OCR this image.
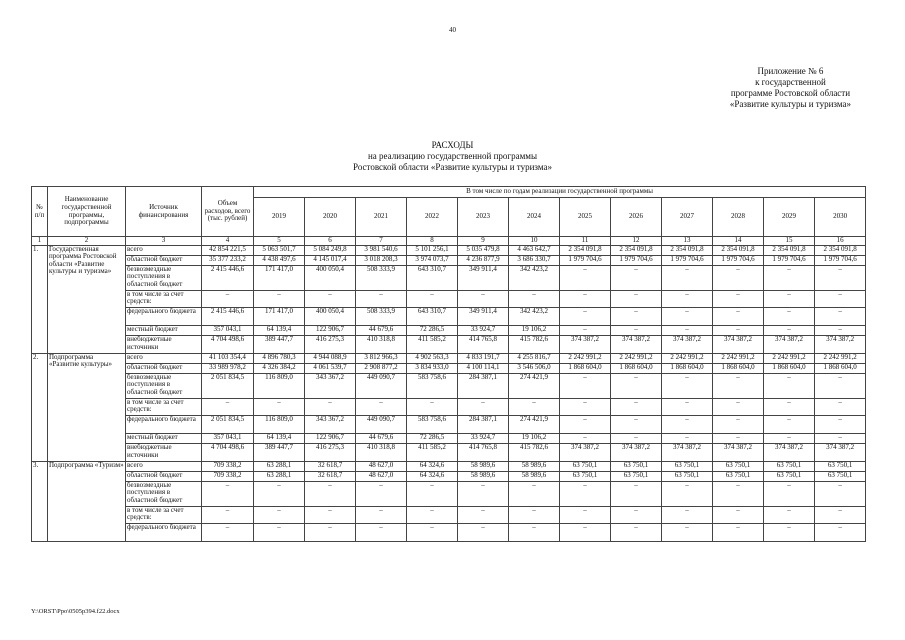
40
Приложение № 6
к государственной
программе Ростовской области
«Развитие культуры и туризма»
РАСХОДЫ
на реализацию государственной программы
Ростовской области «Развитие культуры и туризма»
№ п/п	Наименование государственной программы, подпрограммы	Источник финансирования	Объем расходов, всего (тыс. рублей)	В том числе по годам реализации государственной программы											
				2019	2020	2021	2022	2023	2024	2025	2026	2027	2028	2029	2030
1	2	3	4	5	6	7	8	9	10	11	12	13	14	15	16
1.	Государственная программа Ростовской области «Развитие культуры и туризма»	всего	42 854 221,5	5 063 501,7	5 084 249,8	3 981 540,6	5 101 256,1	5 035 479,8	4 463 642,7	2 354 091,8	2 354 091,8	2 354 091,8	2 354 091,8	2 354 091,8	2 354 091,8
		областной бюджет	35 377 233,2	4 438 497,6	4 145 017,4	3 018 208,3	3 974 073,7	4 236 877,9	3 686 330,7	1 979 704,6	1 979 704,6	1 979 704,6	1 979 704,6	1 979 704,6	1 979 704,6
		безвозмездные поступления в областной бюджет	2 415 446,6	171 417,0	400 050,4	508 333,9	643 310,7	349 911,4	342 423,2	–	–	–	–	–	–
		в том числе за счет средств:	–	–	–	–	–	–	–	–	–	–	–	–	–
		федерального бюджета	2 415 446,6	171 417,0	400 050,4	508 333,9	643 310,7	349 911,4	342 423,2	–	–	–	–	–	–
		местный бюджет	357 043,1	64 139,4	122 906,7	44 679,6	72 286,5	33 924,7	19 106,2	–	–	–	–	–	–
		внебюджетные источники	4 704 498,6	389 447,7	416 275,3	410 318,8	411 585,2	414 765,8	415 782,6	374 387,2	374 387,2	374 387,2	374 387,2	374 387,2	374 387,2
2.	Подпрограмма «Развитие культуры»	всего	41 103 354,4	4 896 780,3	4 944 088,9	3 812 966,3	4 902 563,3	4 833 191,7	4 255 816,7	2 242 991,2	2 242 991,2	2 242 991,2	2 242 991,2	2 242 991,2	2 242 991,2
		областной бюджет	33 989 978,2	4 326 384,2	4 061 539,7	2 908 877,2	3 834 933,0	4 100 114,1	3 546 506,0	1 868 604,0	1 868 604,0	1 868 604,0	1 868 604,0	1 868 604,0	1 868 604,0
		безвозмездные поступления в областной бюджет	2 051 834,5	116 809,0	343 367,2	449 090,7	583 758,6	284 387,1	274 421,9	–	–	–	–	–	–
		в том числе за счет средств:	–	–	–	–	–	–	–	–	–	–	–	–	–
		федерального бюджета	2 051 834,5	116 809,0	343 367,2	449 090,7	583 758,6	284 387,1	274 421,9	–	–	–	–	–	–
		местный бюджет	357 043,1	64 139,4	122 906,7	44 679,6	72 286,5	33 924,7	19 106,2	–	–	–	–	–	–
		внебюджетные источники	4 704 498,6	389 447,7	416 275,3	410 318,8	411 585,2	414 765,8	415 782,6	374 387,2	374 387,2	374 387,2	374 387,2	374 387,2	374 387,2
3.	Подпрограмма «Туризм»	всего	709 338,2	63 288,1	32 618,7	48 627,0	64 324,6	58 989,6	58 989,6	63 750,1	63 750,1	63 750,1	63 750,1	63 750,1	63 750,1
		областной бюджет	709 338,2	63 288,1	32 618,7	48 627,0	64 324,6	58 989,6	58 989,6	63 750,1	63 750,1	63 750,1	63 750,1	63 750,1	63 750,1
		безвозмездные поступления в областной бюджет	–	–	–	–	–	–	–	–	–	–	–	–	–
		в том числе за счет средств:	–	–	–	–	–	–	–	–	–	–	–	–	–
		федерального бюджета	–	–	–	–	–	–	–	–	–	–	–	–	–
Y:\ORST\Ppo\0505p394.f22.docx
